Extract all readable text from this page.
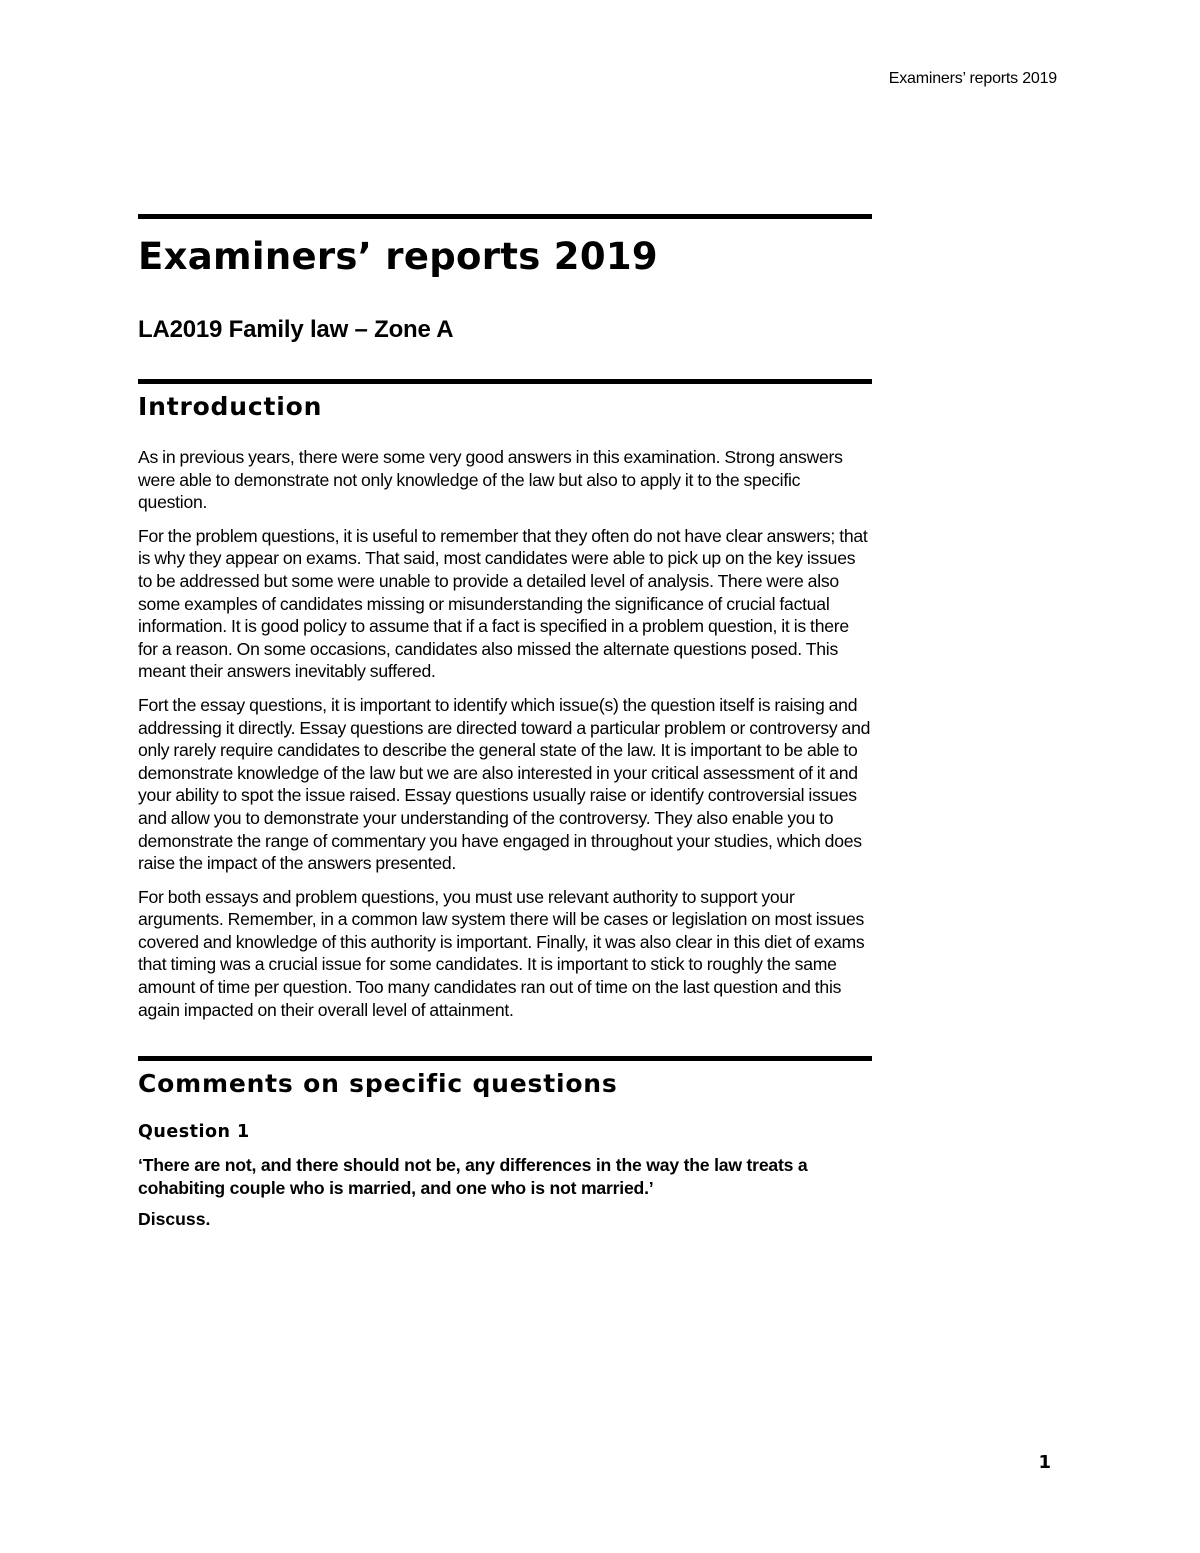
Examiners’ reports 2019
Examiners’ reports 2019
LA2019 Family law – Zone A
Introduction

As in previous years, there were some very good answers in this examination. Strong answers were able to demonstrate not only knowledge of the law but also to apply it to the specific question.

For the problem questions, it is useful to remember that they often do not have clear answers; that is why they appear on exams. That said, most candidates were able to pick up on the key issues to be addressed but some were unable to provide a detailed level of analysis. There were also some examples of candidates missing or misunderstanding the significance of crucial factual information. It is good policy to assume that if a fact is specified in a problem question, it is there for a reason. On some occasions, candidates also missed the alternate questions posed. This meant their answers inevitably suffered.

Fort the essay questions, it is important to identify which issue(s) the question itself is raising and addressing it directly. Essay questions are directed toward a particular problem or controversy and only rarely require candidates to describe the general state of the law. It is important to be able to demonstrate knowledge of the law but we are also interested in your critical assessment of it and your ability to spot the issue raised. Essay questions usually raise or identify controversial issues and allow you to demonstrate your understanding of the controversy. They also enable you to demonstrate the range of commentary you have engaged in throughout your studies, which does raise the impact of the answers presented.

For both essays and problem questions, you must use relevant authority to support your arguments. Remember, in a common law system there will be cases or legislation on most issues covered and knowledge of this authority is important. Finally, it was also clear in this diet of exams that timing was a crucial issue for some candidates. It is important to stick to roughly the same amount of time per question. Too many candidates ran out of time on the last question and this again impacted on their overall level of attainment.

Comments on specific questions
Question 1
‘There are not, and there should not be, any differences in the way the law treats a cohabiting couple who is married, and one who is not married.’
Discuss.
1
